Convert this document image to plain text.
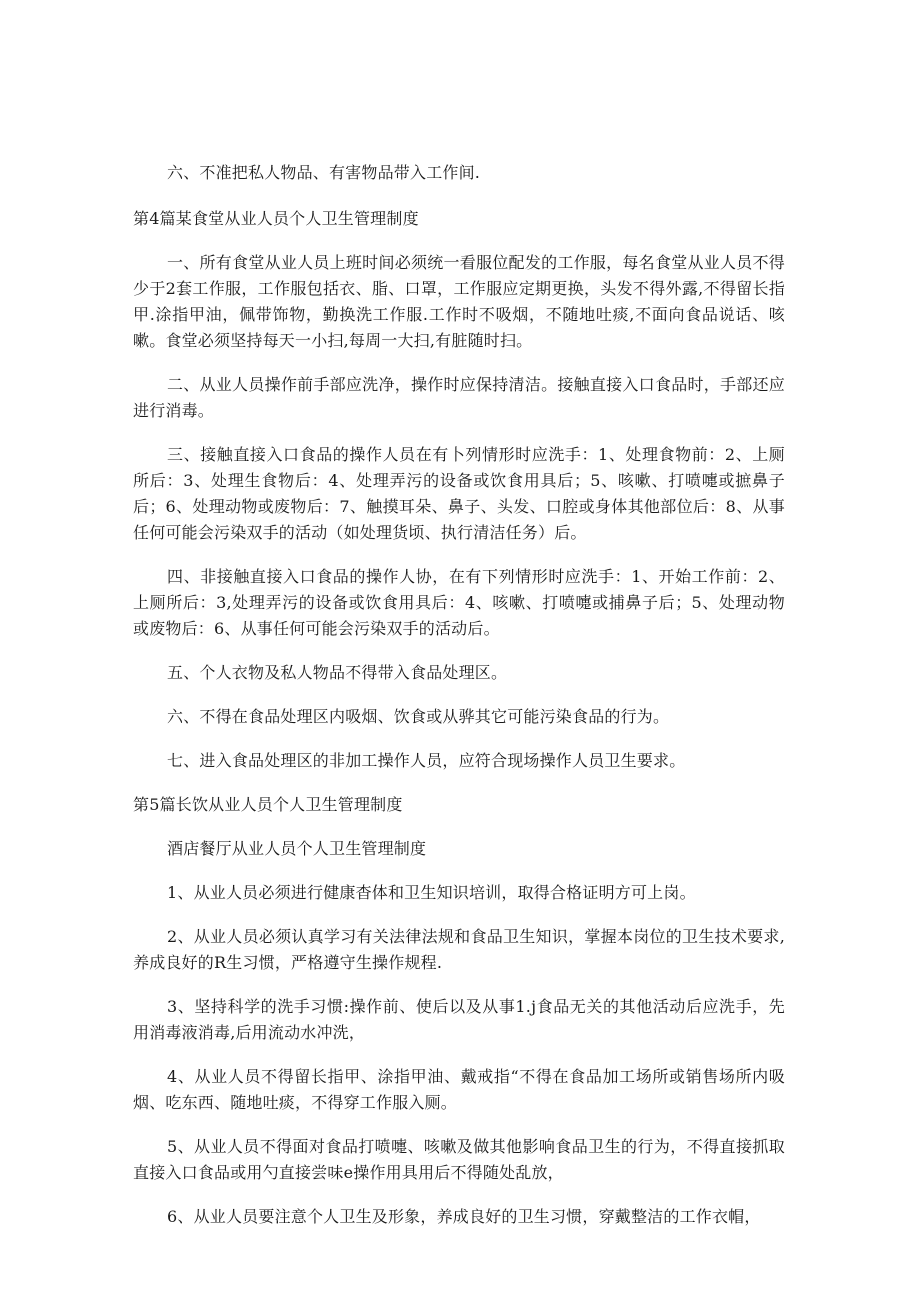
六、不准把私人物品、有害物品带入工作间.

第4篇某食堂从业人员个人卫生管理制度

一、所有食堂从业人员上班时间必须统一看服位配发的工作服，每名食堂从业人员不得少于2套工作服，工作服包括衣、脂、口罩，工作服应定期更换，头发不得外露,不得留长指甲.涂指甲油，佩带饰物，勤换洗工作服.工作时不吸烟，不随地吐痰,不面向食品说话、咳嗽。食堂必须坚持每天一小扫,每周一大扫,有脏随时扫。

二、从业人员操作前手部应洗净，操作时应保持清洁。接触直接入口食品时，手部还应进行消毒。

三、接触直接入口食品的操作人员在有卜列情形时应洗手：1、处理食物前：2、上厕所后：3、处理生食物后：4、处理弄污的设备或饮食用具后；5、咳嗽、打喷嚏或摭鼻子后；6、处理动物或废物后：7、触摸耳朵、鼻子、头发、口腔或身体其他部位后：8、从事任何可能会污染双手的活动（如处理货顷、执行清洁任务）后。

四、非接触直接入口食品的操作人协，在有下列情形时应洗手：1、开始工作前：2、上厕所后：3,处理弄污的设备或饮食用具后：4、咳嗽、打喷嚏或捕鼻子后；5、处理动物或废物后：6、从事任何可能会污染双手的活动后。

五、个人衣物及私人物品不得带入食品处理区。

六、不得在食品处理区内吸烟、饮食或从骅其它可能污染食品的行为。

七、进入食品处理区的非加工操作人员，应符合现场操作人员卫生要求。

第5篇长饮从业人员个人卫生管理制度

酒店餐厅从业人员个人卫生管理制度

1、从业人员必须进行健康杳体和卫生知识培训，取得合格证明方可上岗。

2、从业人员必须认真学习有关法律法规和食品卫生知识，掌握本岗位的卫生技术要求,养成良好的R生习惯，严格遵守生操作规程.

3、坚持科学的洗手习惯:操作前、使后以及从事1.j食品无关的其他活动后应洗手，先用消毒液消毒,后用流动水冲洗，

4、从业人员不得留长指甲、涂指甲油、戴戒指“不得在食品加工场所或销售场所内吸烟、吃东西、随地吐痰，不得穿工作服入厕。

5、从业人员不得面对食品打喷嚏、咳嗽及做其他影响食品卫生的行为，不得直接抓取直接入口食品或用勺直接尝味e操作用具用后不得随处乱放，

6、从业人员要注意个人卫生及形象，养成良好的卫生习惯，穿戴整洁的工作衣帽，
